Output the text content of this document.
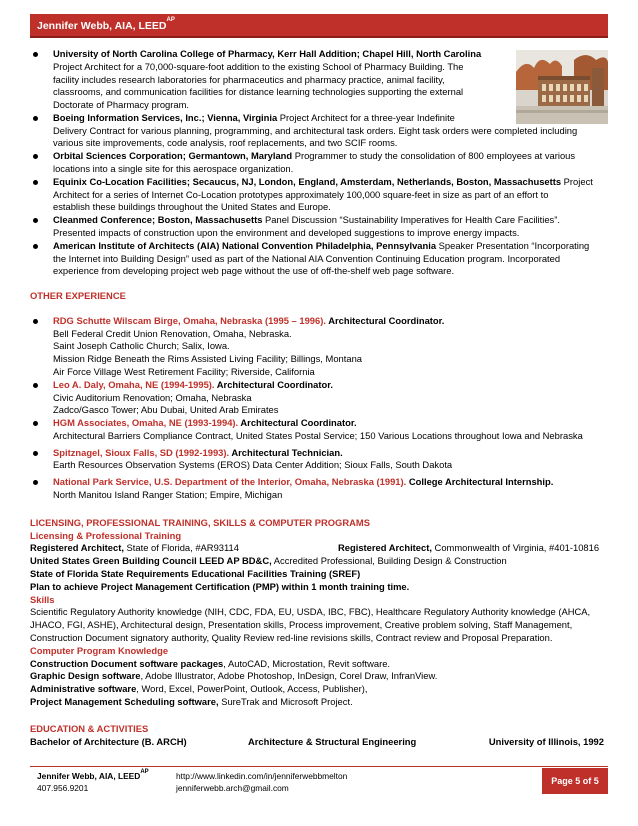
Jennifer Webb, AIA, $LEED^{AP}$
University of North Carolina College of Pharmacy, Kerr Hall Addition; Chapel Hill, North Carolina
Project Architect for a 70,000-square-foot addition to the existing School of Pharmacy Building. The
facility includes research laboratories for pharmaceutics and pharmacy practice, animal facility,
classrooms, and communication facilities for distance learning technologies supporting the external
Doctorate of Pharmacy program.
Boeing Information Services, Inc.; Vienna, Virginia Project Architect for a three-year Indefinite
Delivery Contract for various planning, programming, and architectural task orders. Eight task orders were completed including
various site improvements, code analysis, roof replacements, and two SCIF rooms.
Orbital Sciences Corporation; Germantown, Maryland Programmer to study the consolidation of 800 employees at various
locations into a single site for this aerospace organization.
Equinix Co-Location Facilities; Secaucus, NJ, London, England, Amsterdam, Netherlands, Boston, Massachusetts Project
Architect for a series of Internet Co-Location prototypes approximately 100,000 square-feet in size as part of an effort to
establish these buildings throughout the United States and Europe.
Cleanmed Conference; Boston, Massachusetts Panel Discussion “Sustainability Imperatives for Health Care Facilities”.
Presented impacts of construction upon the environment and developed suggestions to improve energy impacts.
American Institute of Architects (AIA) National Convention Philadelphia, Pennsylvania Speaker Presentation “Incorporating
the Internet into Building Design” used as part of the National AIA Convention Continuing Education program. Incorporated
experience from developing project web page without the use of off-the-shelf web page software.
OTHER EXPERIENCE
RDG Schutte Wilscam Birge, Omaha, Nebraska (1995 – 1996). Architectural Coordinator.
Bell Federal Credit Union Renovation, Omaha, Nebraska.
Saint Joseph Catholic Church; Salix, Iowa.
Mission Ridge Beneath the Rims Assisted Living Facility; Billings, Montana
Air Force Village West Retirement Facility; Riverside, California
Leo A. Daly, Omaha, NE (1994-1995). Architectural Coordinator.
Civic Auditorium Renovation; Omaha, Nebraska
Zadco/Gasco Tower; Abu Dubai, United Arab Emirates
HGM Associates, Omaha, NE (1993-1994). Architectural Coordinator.
Architectural Barriers Compliance Contract, United States Postal Service; 150 Various Locations throughout Iowa and Nebraska
Spitznagel, Sioux Falls, SD (1992-1993). Architectural Technician.
Earth Resources Observation Systems (EROS) Data Center Addition; Sioux Falls, South Dakota
National Park Service, U.S. Department of the Interior, Omaha, Nebraska (1991). College Architectural Internship.
North Manitou Island Ranger Station; Empire, Michigan
LICENSING, PROFESSIONAL TRAINING, SKILLS & COMPUTER PROGRAMS
Licensing & Professional Training
Registered Architect, State of Florida, #AR93114	Registered Architect, Commonwealth of Virginia, #401-10816
United States Green Building Council LEED AP BD&C, Accredited Professional, Building Design & Construction
State of Florida State Requirements Educational Facilities Training (SREF)
Plan to achieve Project Management Certification (PMP) within 1 month training time.
Skills
Scientific Regulatory Authority knowledge (NIH, CDC, FDA, EU, USDA, IBC, FBC), Healthcare Regulatory Authority knowledge (AHCA,
JHACO, FGI, ASHE), Architectural design, Presentation skills, Process improvement, Creative problem solving, Staff Management,
Construction Document signatory authority, Quality Review red-line revisions skills, Contract review and Proposal Preparation.
Computer Program Knowledge
Construction Document software packages, AutoCAD, Microstation, Revit software.
Graphic Design software, Adobe Illustrator, Adobe Photoshop, InDesign, Corel Draw, InfranView.
Administrative software, Word, Excel, PowerPoint, Outlook, Access, Publisher),
Project Management Scheduling software, SureTrak and Microsoft Project.
EDUCATION & ACTIVITIES
Bachelor of Architecture (B. ARCH)	Architecture & Structural Engineering	University of Illinois, 1992
Jennifer Webb, AIA, $LEED^{AP}$
407.956.9201
http://www.linkedin.com/in/jenniferwebbmelton
jenniferwebb.arch@gmail.com
Page 5 of 5
